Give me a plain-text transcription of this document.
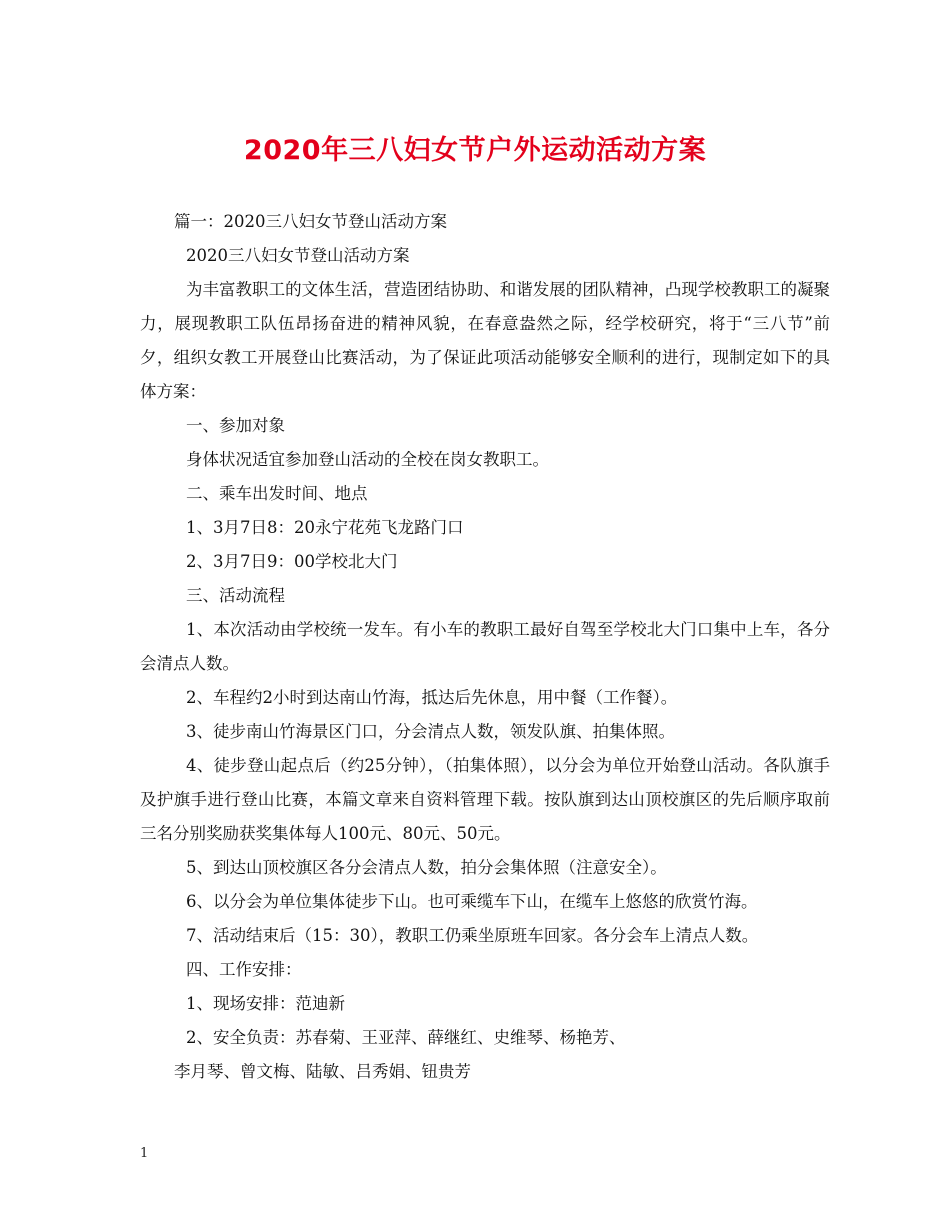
2020年三八妇女节户外运动活动方案

篇一：2020三八妇女节登山活动方案

2020三八妇女节登山活动方案

为丰富教职工的文体生活，营造团结协助、和谐发展的团队精神，凸现学校教职工的凝聚力，展现教职工队伍昂扬奋进的精神风貌，在春意盎然之际，经学校研究，将于“三八节”前夕，组织女教工开展登山比赛活动，为了保证此项活动能够安全顺利的进行，现制定如下的具体方案：

一、参加对象

身体状况适宜参加登山活动的全校在岗女教职工。

二、乘车出发时间、地点

1、3月7日8：20永宁花苑飞龙路门口

2、3月7日9：00学校北大门

三、活动流程

1、本次活动由学校统一发车。有小车的教职工最好自驾至学校北大门口集中上车，各分会清点人数。

2、车程约2小时到达南山竹海，抵达后先休息，用中餐（工作餐）。

3、徒步南山竹海景区门口，分会清点人数，领发队旗、拍集体照。

4、徒步登山起点后（约25分钟），（拍集体照），以分会为单位开始登山活动。各队旗手及护旗手进行登山比赛，本篇文章来自资料管理下载。按队旗到达山顶校旗区的先后顺序取前三名分别奖励获奖集体每人100元、80元、50元。

5、到达山顶校旗区各分会清点人数，拍分会集体照（注意安全）。

6、以分会为单位集体徒步下山。也可乘缆车下山，在缆车上悠悠的欣赏竹海。

7、活动结束后（15：30），教职工仍乘坐原班车回家。各分会车上清点人数。

四、工作安排：

1、现场安排：范迪新

2、安全负责：苏春菊、王亚萍、薛继红、史维琴、杨艳芳、

李月琴、曾文梅、陆敏、吕秀娟、钮贵芳

1
